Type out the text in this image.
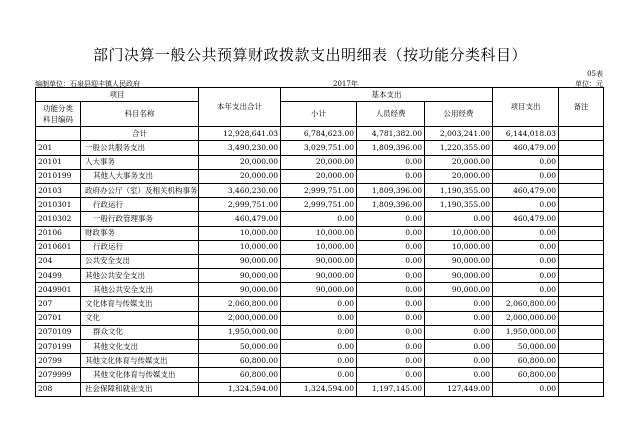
部门决算一般公共预算财政拨款支出明细表（按功能分类科目）
05表
编制单位：石泉县迎丰镇人民政府	2017年	单位：元
项目		本年支出合计	基本支出			项目支出	备注
功能分类
科目编码	科目名称		小计	人员经费	公用经费		
	合计	12,928,641.03	6,784,623.00	4,781,382.00	2,003,241.00	6,144,018.03	
201	一般公共服务支出	3,490,230.00	3,029,751.00	1,809,396.00	1,220,355.00	460,479.00	
20101	人大事务	20,000.00	20,000.00	0.00	20,000.00	0.00	
2010199	其他人大事务支出	20,000.00	20,000.00	0.00	20,000.00	0.00	
20103	政府办公厅（室）及相关机构事务	3,460,230.00	2,999,751.00	1,809,396.00	1,190,355.00	460,479.00	
2010301	行政运行	2,999,751.00	2,999,751.00	1,809,396.00	1,190,355.00	0.00	
2010302	一般行政管理事务	460,479.00	0.00	0.00	0.00	460,479.00	
20106	财政事务	10,000.00	10,000.00	0.00	10,000.00	0.00	
2010601	行政运行	10,000.00	10,000.00	0.00	10,000.00	0.00	
204	公共安全支出	90,000.00	90,000.00	0.00	90,000.00	0.00	
20499	其他公共安全支出	90,000.00	90,000.00	0.00	90,000.00	0.00	
2049901	其他公共安全支出	90,000.00	90,000.00	0.00	90,000.00	0.00	
207	文化体育与传媒支出	2,060,800.00	0.00	0.00	0.00	2,060,800.00	
20701	文化	2,000,000.00	0.00	0.00	0.00	2,000,000.00	
2070109	群众文化	1,950,000.00	0.00	0.00	0.00	1,950,000.00	
2070199	其他文化支出	50,000.00	0.00	0.00	0.00	50,000.00	
20799	其他文化体育与传媒支出	60,800.00	0.00	0.00	0.00	60,800.00	
2079999	其他文化体育与传媒支出	60,800.00	0.00	0.00	0.00	60,800.00	
208	社会保障和就业支出	1,324,594.00	1,324,594.00	1,197,145.00	127,449.00	0.00	
